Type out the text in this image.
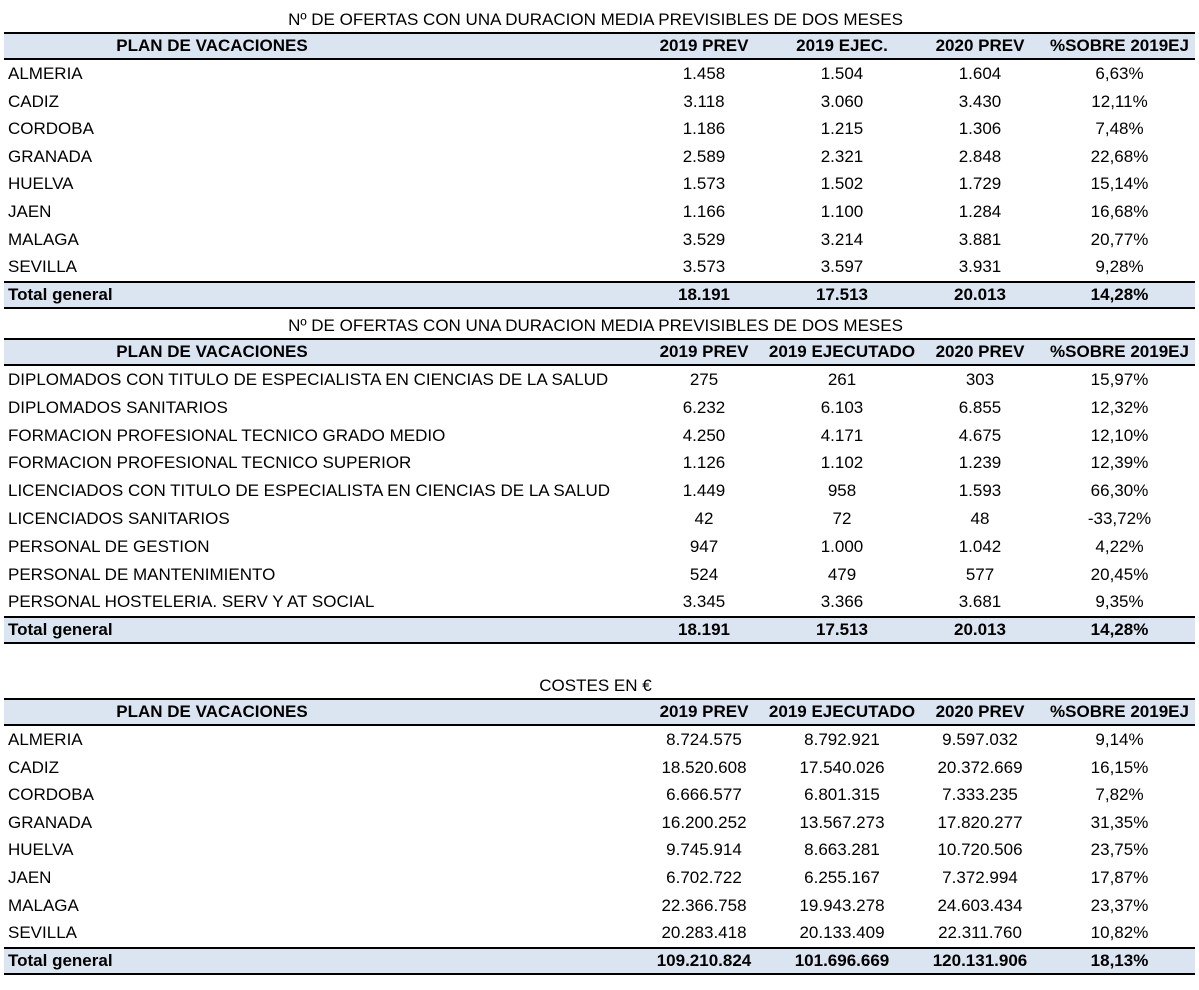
Nº DE OFERTAS CON UNA DURACION MEDIA PREVISIBLES DE DOS MESES
PLAN DE VACACIONES	2019 PREV	2019 EJEC.	2020 PREV	%SOBRE 2019EJ
ALMERIA	1.458	1.504	1.604	6,63%
CADIZ	3.118	3.060	3.430	12,11%
CORDOBA	1.186	1.215	1.306	7,48%
GRANADA	2.589	2.321	2.848	22,68%
HUELVA	1.573	1.502	1.729	15,14%
JAEN	1.166	1.100	1.284	16,68%
MALAGA	3.529	3.214	3.881	20,77%
SEVILLA	3.573	3.597	3.931	9,28%
Total general	18.191	17.513	20.013	14,28%
Nº DE OFERTAS CON UNA DURACION MEDIA PREVISIBLES DE DOS MESES
PLAN DE VACACIONES	2019 PREV	2019 EJECUTADO	2020 PREV	%SOBRE 2019EJ
DIPLOMADOS CON TITULO DE ESPECIALISTA EN CIENCIAS DE LA SALUD	275	261	303	15,97%
DIPLOMADOS SANITARIOS	6.232	6.103	6.855	12,32%
FORMACION PROFESIONAL TECNICO GRADO MEDIO	4.250	4.171	4.675	12,10%
FORMACION PROFESIONAL TECNICO SUPERIOR	1.126	1.102	1.239	12,39%
LICENCIADOS CON TITULO DE ESPECIALISTA EN CIENCIAS DE LA SALUD	1.449	958	1.593	66,30%
LICENCIADOS SANITARIOS	42	72	48	-33,72%
PERSONAL DE GESTION	947	1.000	1.042	4,22%
PERSONAL DE MANTENIMIENTO	524	479	577	20,45%
PERSONAL HOSTELERIA. SERV Y AT SOCIAL	3.345	3.366	3.681	9,35%
Total general	18.191	17.513	20.013	14,28%
COSTES EN €
PLAN DE VACACIONES	2019 PREV	2019 EJECUTADO	2020 PREV	%SOBRE 2019EJ
ALMERIA	8.724.575	8.792.921	9.597.032	9,14%
CADIZ	18.520.608	17.540.026	20.372.669	16,15%
CORDOBA	6.666.577	6.801.315	7.333.235	7,82%
GRANADA	16.200.252	13.567.273	17.820.277	31,35%
HUELVA	9.745.914	8.663.281	10.720.506	23,75%
JAEN	6.702.722	6.255.167	7.372.994	17,87%
MALAGA	22.366.758	19.943.278	24.603.434	23,37%
SEVILLA	20.283.418	20.133.409	22.311.760	10,82%
Total general	109.210.824	101.696.669	120.131.906	18,13%
